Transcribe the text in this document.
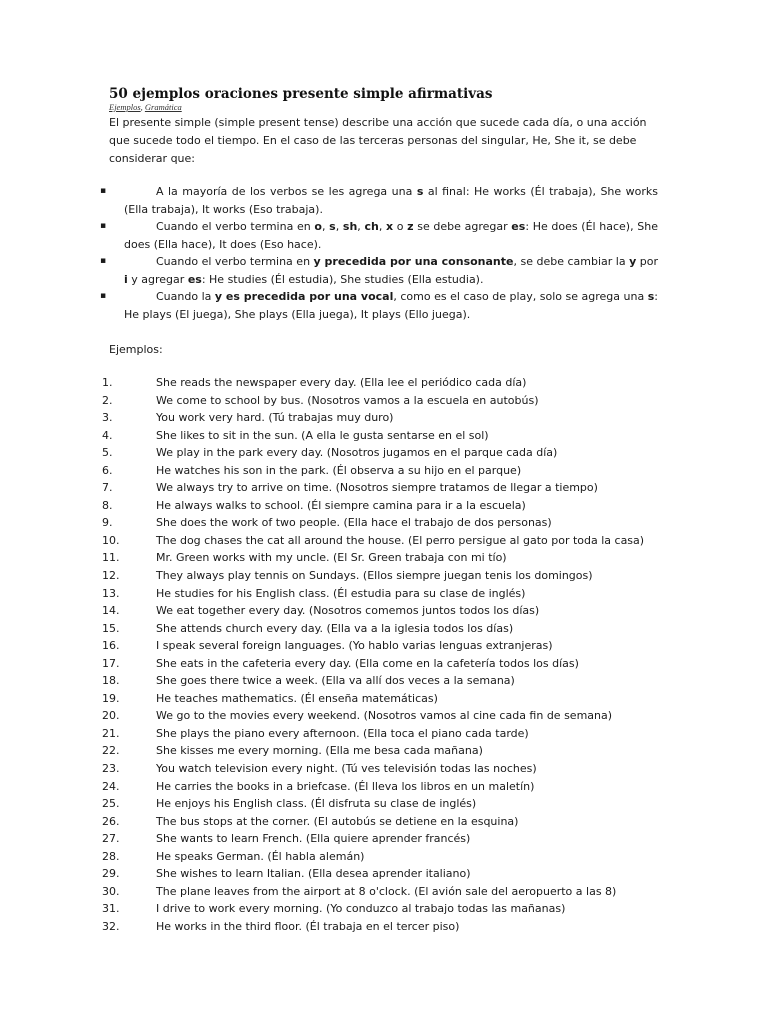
50 ejemplos oraciones presente simple afirmativas
Ejemplos, Gramática
El presente simple (simple present tense) describe una acción que sucede cada día, o una acción que sucede todo el tiempo. En el caso de las terceras personas del singular, He, She it, se debe considerar que:
▪	A la mayoría de los verbos se les agrega una s al final: He works (Él trabaja), She works (Ella trabaja), It works (Eso trabaja).
▪	Cuando el verbo termina en o, s, sh, ch, x o z se debe agregar es: He does (Él hace), She does (Ella hace), It does (Eso hace).
▪	Cuando el verbo termina en y precedida por una consonante, se debe cambiar la y por i y agregar es: He studies (Él estudia), She studies (Ella estudia).
▪	Cuando la y es precedida por una vocal, como es el caso de play, solo se agrega una s: He plays (El juega), She plays (Ella juega), It plays (Ello juega).
Ejemplos:
1.	She reads the newspaper every day. (Ella lee el periódico cada día)
2.	We come to school by bus. (Nosotros vamos a la escuela en autobús)
3.	You work very hard. (Tú trabajas muy duro)
4.	She likes to sit in the sun. (A ella le gusta sentarse en el sol)
5.	We play in the park every day. (Nosotros jugamos en el parque cada día)
6.	He watches his son in the park. (Él observa a su hijo en el parque)
7.	We always try to arrive on time. (Nosotros siempre tratamos de llegar a tiempo)
8.	He always walks to school. (Él siempre camina para ir a la escuela)
9.	She does the work of two people. (Ella hace el trabajo de dos personas)
10.	The dog chases the cat all around the house. (El perro persigue al gato por toda la casa)
11.	Mr. Green works with my uncle. (El Sr. Green trabaja con mi tío)
12.	They always play tennis on Sundays. (Ellos siempre juegan tenis los domingos)
13.	He studies for his English class. (Él estudia para su clase de inglés)
14.	We eat together every day. (Nosotros comemos juntos todos los días)
15.	She attends church every day. (Ella va a la iglesia todos los días)
16.	I speak several foreign languages. (Yo hablo varias lenguas extranjeras)
17.	She eats in the cafeteria every day. (Ella come en la cafetería todos los días)
18.	She goes there twice a week. (Ella va allí dos veces a la semana)
19.	He teaches mathematics. (Él enseña matemáticas)
20.	We go to the movies every weekend. (Nosotros vamos al cine cada fin de semana)
21.	She plays the piano every afternoon. (Ella toca el piano cada tarde)
22.	She kisses me every morning. (Ella me besa cada mañana)
23.	You watch television every night. (Tú ves televisión todas las noches)
24.	He carries the books in a briefcase. (Él lleva los libros en un maletín)
25.	He enjoys his English class. (Él disfruta su clase de inglés)
26.	The bus stops at the corner. (El autobús se detiene en la esquina)
27.	She wants to learn French. (Ella quiere aprender francés)
28.	He speaks German. (Él habla alemán)
29.	She wishes to learn Italian. (Ella desea aprender italiano)
30.	The plane leaves from the airport at 8 o'clock. (El avión sale del aeropuerto a las 8)
31.	I drive to work every morning. (Yo conduzco al trabajo todas las mañanas)
32.	He works in the third floor. (Él trabaja en el tercer piso)
